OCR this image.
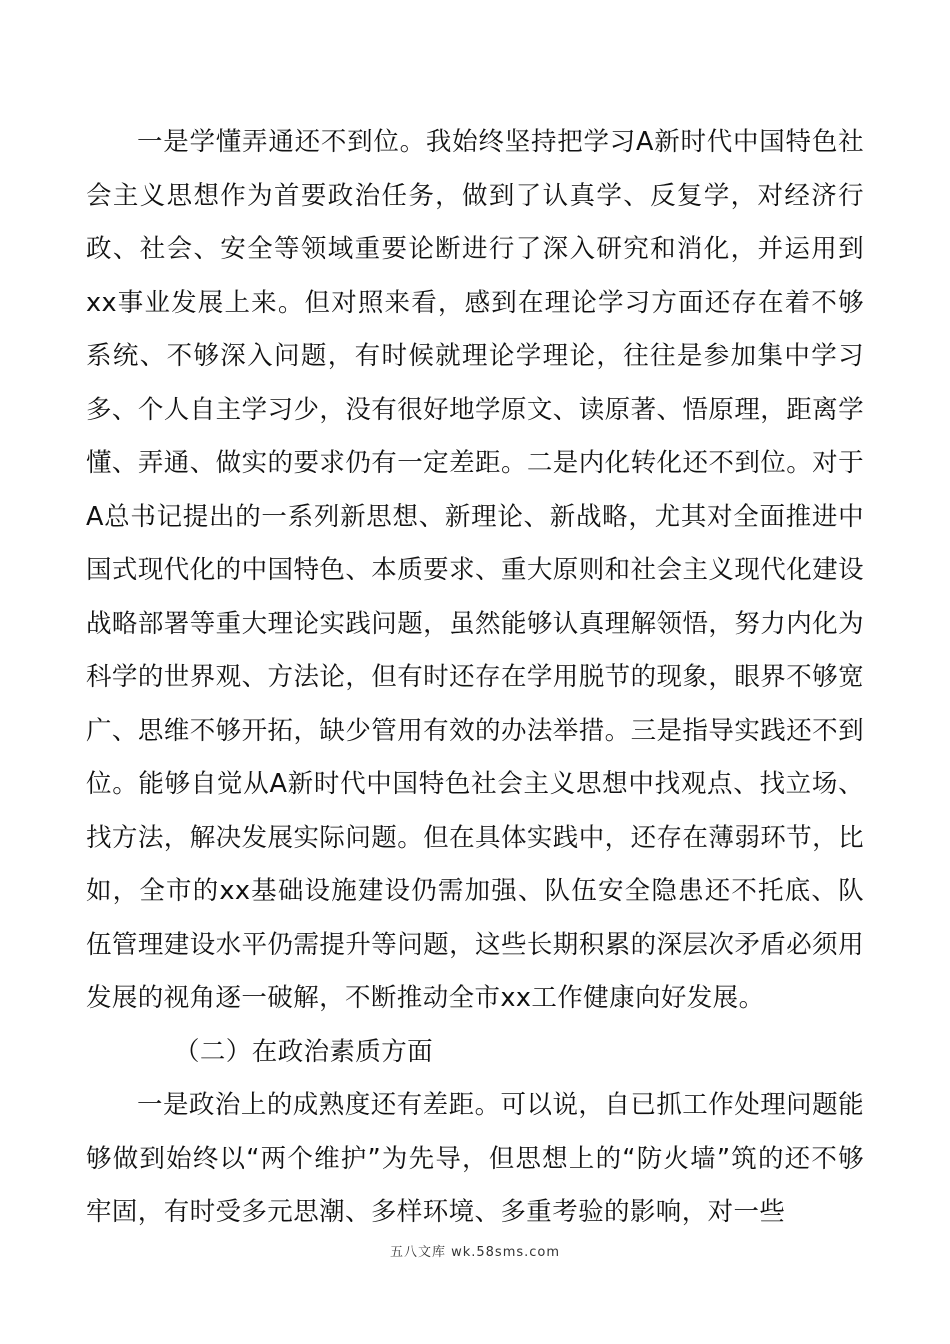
一是学懂弄通还不到位。我始终坚持把学习A新时代中国特色社会主义思想作为首要政治任务，做到了认真学、反复学，对经济行政、社会、安全等领域重要论断进行了深入研究和消化，并运用到xx事业发展上来。但对照来看，感到在理论学习方面还存在着不够系统、不够深入问题，有时候就理论学理论，往往是参加集中学习多、个人自主学习少，没有很好地学原文、读原著、悟原理，距离学懂、弄通、做实的要求仍有一定差距。二是内化转化还不到位。对于A总书记提出的一系列新思想、新理论、新战略，尤其对全面推进中国式现代化的中国特色、本质要求、重大原则和社会主义现代化建设战略部署等重大理论实践问题，虽然能够认真理解领悟，努力内化为科学的世界观、方法论，但有时还存在学用脱节的现象，眼界不够宽广、思维不够开拓，缺少管用有效的办法举措。三是指导实践还不到位。能够自觉从A新时代中国特色社会主义思想中找观点、找立场、找方法，解决发展实际问题。但在具体实践中，还存在薄弱环节，比如，全市的xx基础设施建设仍需加强、队伍安全隐患还不托底、队伍管理建设水平仍需提升等问题，这些长期积累的深层次矛盾必须用发展的视角逐一破解，不断推动全市xx工作健康向好发展。

（二）在政治素质方面

一是政治上的成熟度还有差距。可以说，自已抓工作处理问题能够做到始终以“两个维护”为先导，但思想上的“防火墙”筑的还不够牢固，有时受多元思潮、多样环境、多重考验的影响，对一些

五八文库 wk.58sms.com
